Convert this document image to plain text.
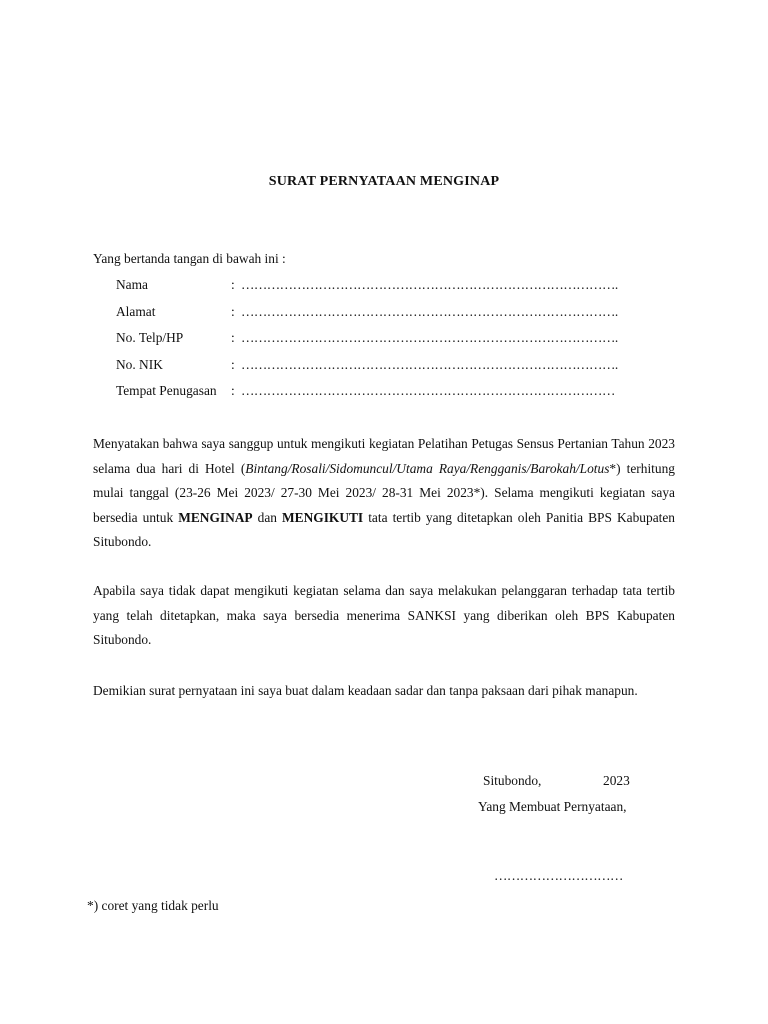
SURAT PERNYATAAN MENGINAP
Yang bertanda tangan di bawah ini :
Nama	: …………………………………………………………………………….
Alamat	: …………………………………………………………………………….
No. Telp/HP	: …………………………………………………………………………….
No. NIK	: …………………………………………………………………………….
Tempat Penugasan : ……………………………………………………………………………
Menyatakan bahwa saya sanggup untuk mengikuti kegiatan Pelatihan Petugas Sensus Pertanian Tahun 2023 selama dua hari di Hotel (Bintang/Rosali/Sidomuncul/Utama Raya/Rengganis/Barokah/Lotus*) terhitung mulai tanggal (23-26 Mei 2023/ 27-30 Mei 2023/ 28-31 Mei 2023*). Selama mengikuti kegiatan saya bersedia untuk MENGINAP dan MENGIKUTI tata tertib yang ditetapkan oleh Panitia BPS Kabupaten Situbondo.
Apabila saya tidak dapat mengikuti kegiatan selama dan saya melakukan pelanggaran terhadap tata tertib yang telah ditetapkan, maka saya bersedia menerima SANKSI yang diberikan oleh BPS Kabupaten Situbondo.
Demikian surat pernyataan ini saya buat dalam keadaan sadar dan tanpa paksaan dari pihak manapun.
Situbondo,	2023
Yang Membuat Pernyataan,
…………………………
*) coret yang tidak perlu
